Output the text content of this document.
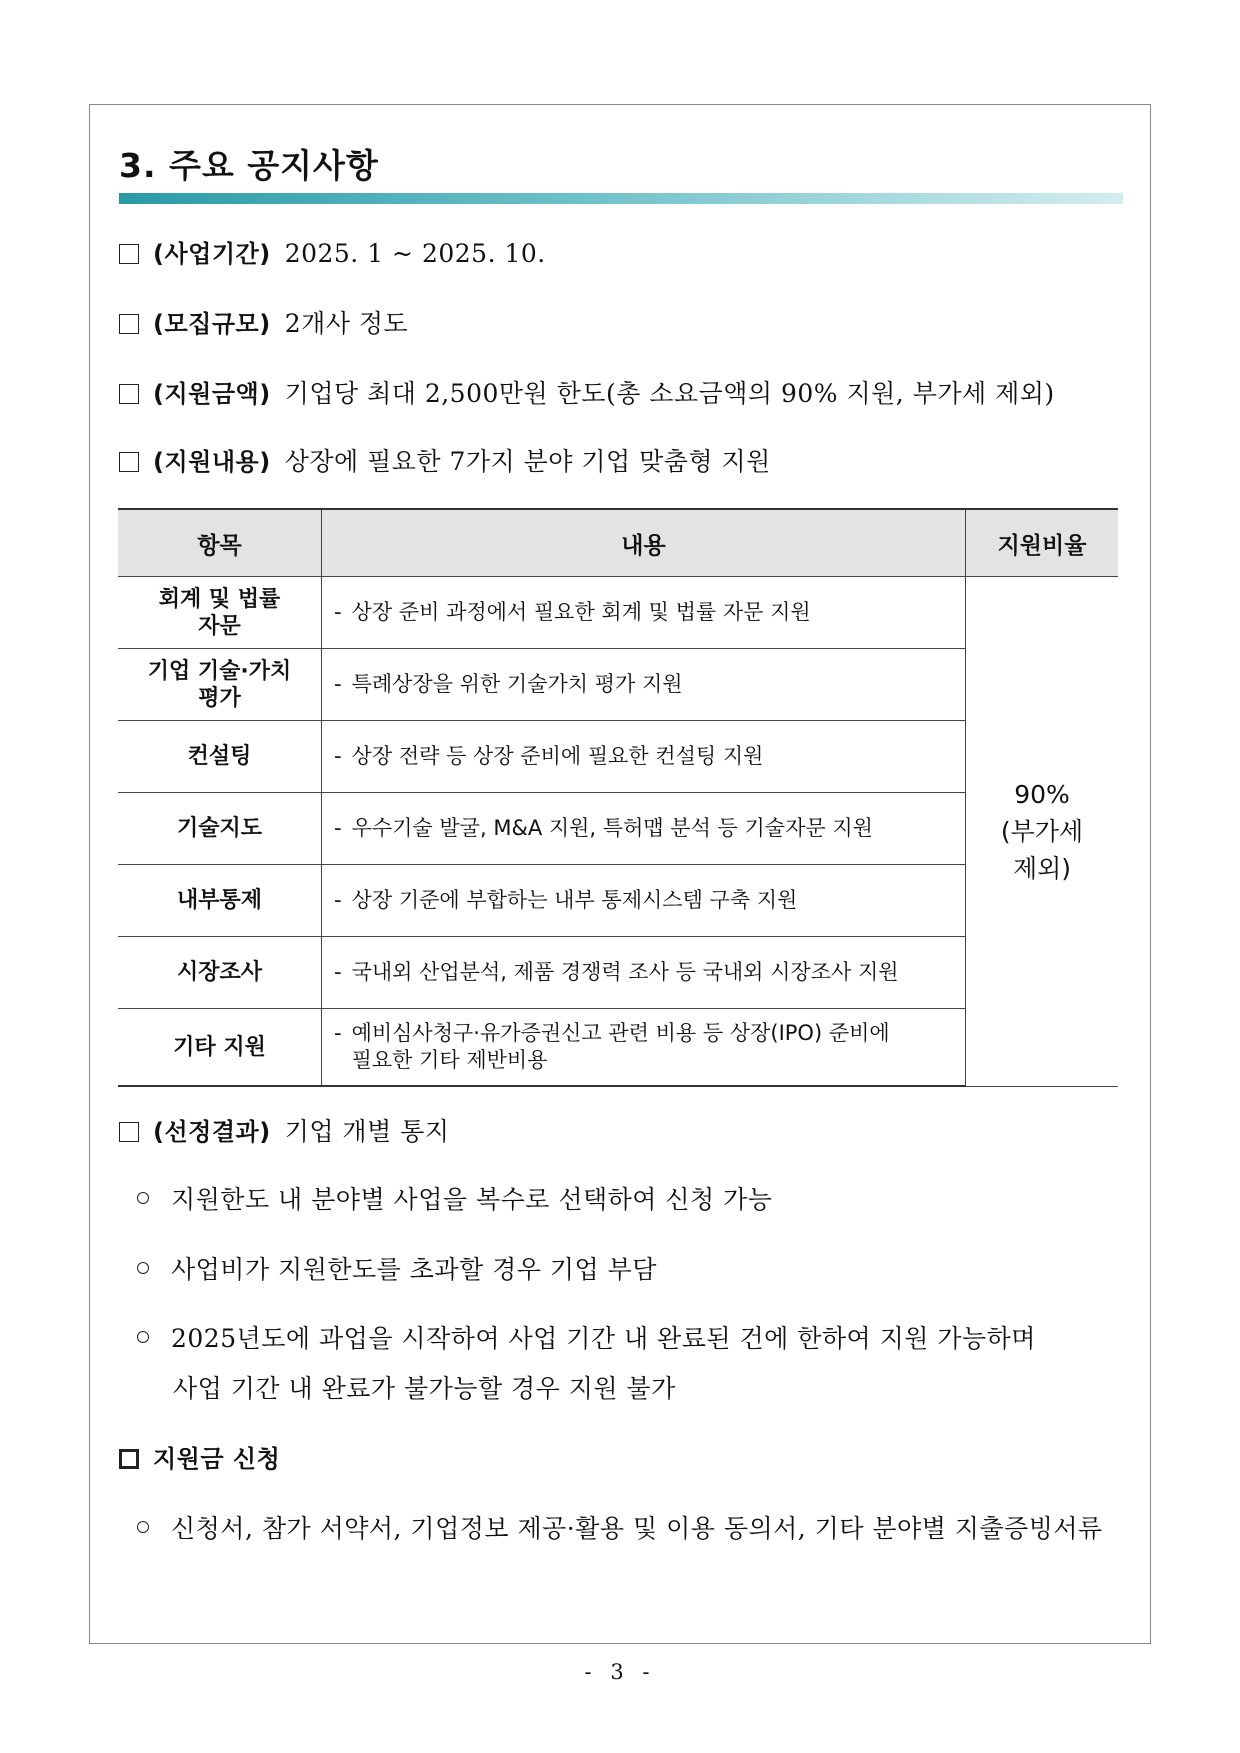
3. 주요 공지사항
(사업기간) 2025. 1 ~ 2025. 10.
(모집규모) 2개사 정도
(지원금액) 기업당 최대 2,500만원 한도(총 소요금액의 90% 지원, 부가세 제외)
(지원내용) 상장에 필요한 7가지 분야 기업 맞춤형 지원
항목	내용	지원비율
회계 및 법률
자문	- 상장 준비 과정에서 필요한 회계 및 법률 자문 지원	90%
(부가세
제외)
기업 기술·가치
평가	- 특례상장을 위한 기술가치 평가 지원	
컨설팅	- 상장 전략 등 상장 준비에 필요한 컨설팅 지원	
기술지도	- 우수기술 발굴, M&A 지원, 특허맵 분석 등 기술자문 지원	
내부통제	- 상장 기준에 부합하는 내부 통제시스템 구축 지원	
시장조사	- 국내외 산업분석, 제품 경쟁력 조사 등 국내외 시장조사 지원	
기타 지원	- 예비심사청구·유가증권신고 관련 비용 등 상장(IPO) 준비에
필요한 기타 제반비용	
(선정결과) 기업 개별 통지
지원한도 내 분야별 사업을 복수로 선택하여 신청 가능
사업비가 지원한도를 초과할 경우 기업 부담
2025년도에 과업을 시작하여 사업 기간 내 완료된 건에 한하여 지원 가능하며
사업 기간 내 완료가 불가능할 경우 지원 불가
지원금 신청
신청서, 참가 서약서, 기업정보 제공·활용 및 이용 동의서, 기타 분야별 지출증빙서류
- 3 -
